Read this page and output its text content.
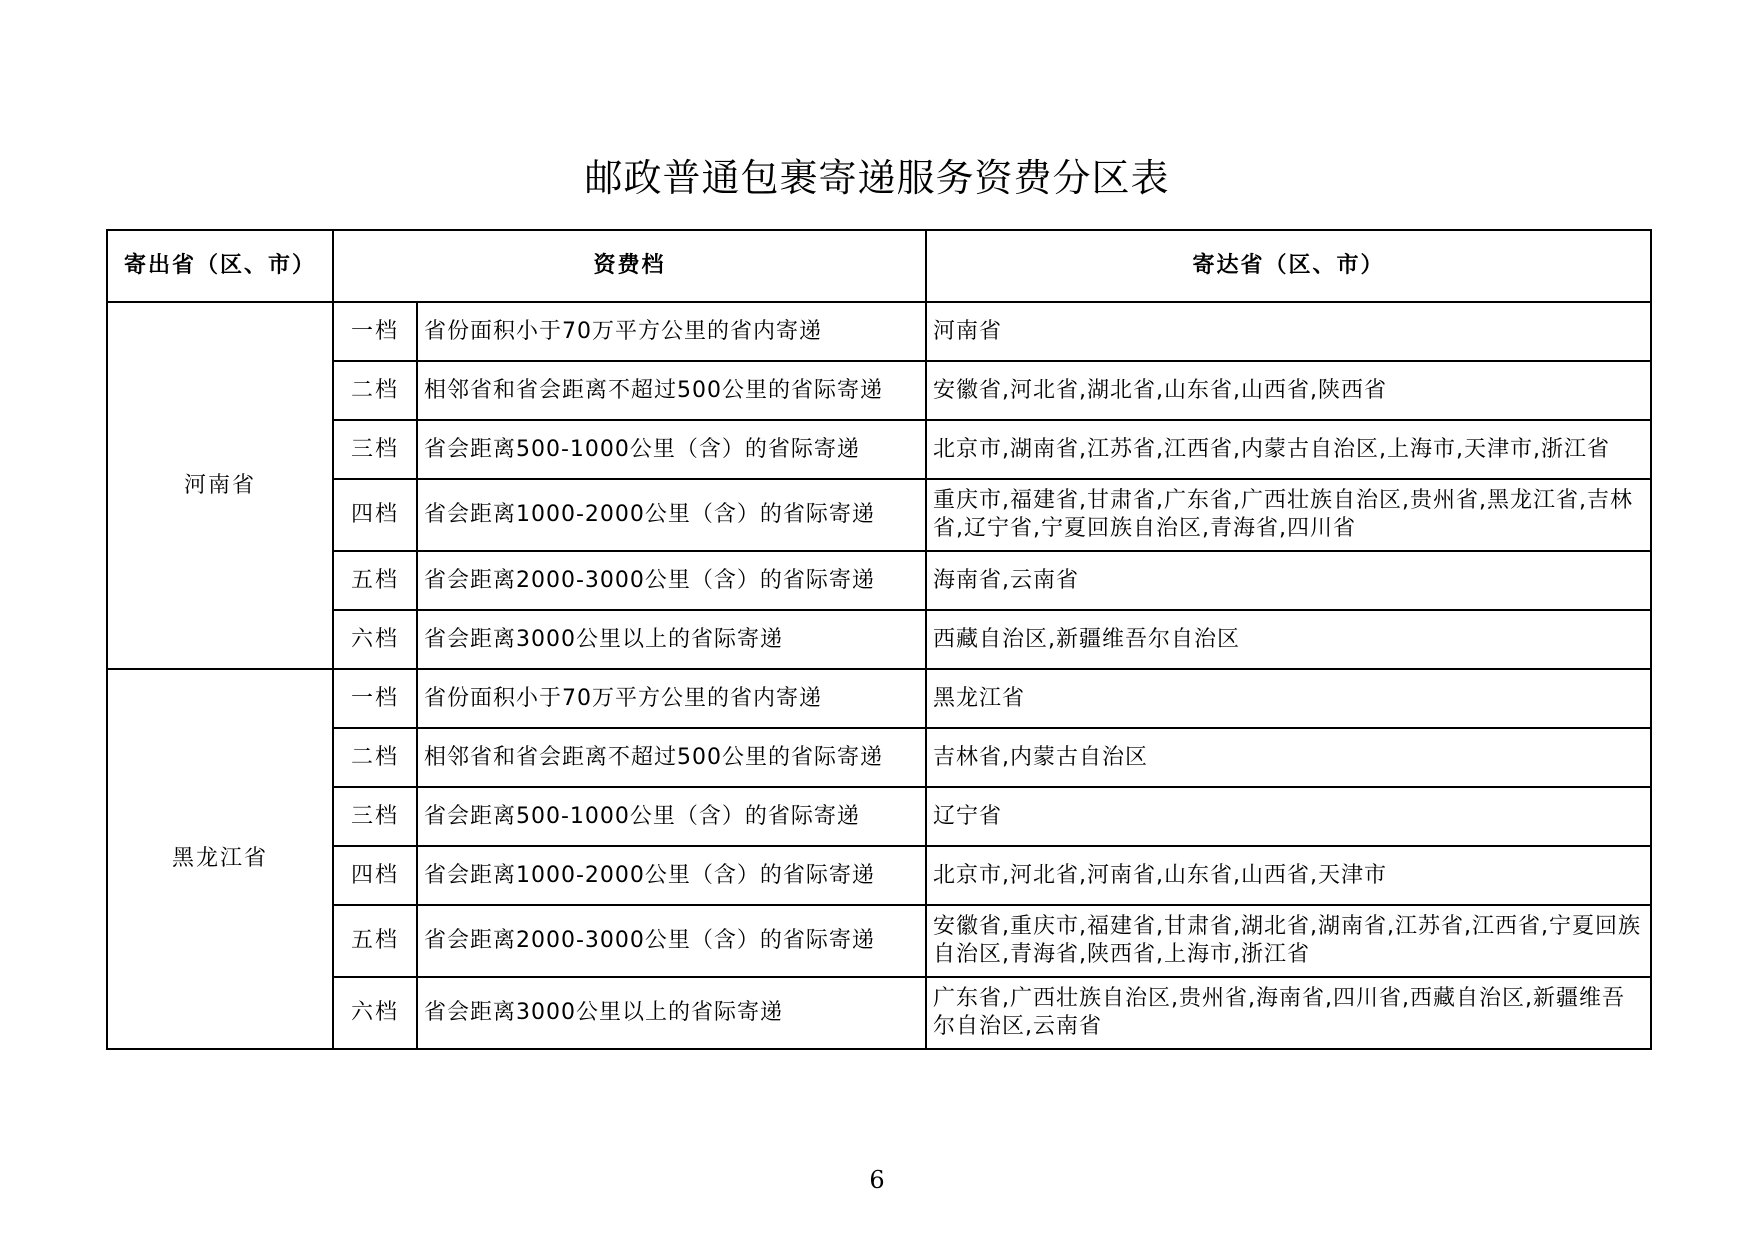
邮政普通包裹寄递服务资费分区表
寄出省（区、市）	资费档		寄达省（区、市）
河南省	一档	省份面积小于70万平方公里的省内寄递	河南省
	二档	相邻省和省会距离不超过500公里的省际寄递	安徽省,河北省,湖北省,山东省,山西省,陕西省
	三档	省会距离500-1000公里（含）的省际寄递	北京市,湖南省,江苏省,江西省,内蒙古自治区,上海市,天津市,浙江省
	四档	省会距离1000-2000公里（含）的省际寄递	重庆市,福建省,甘肃省,广东省,广西壮族自治区,贵州省,黑龙江省,吉林省,辽宁省,宁夏回族自治区,青海省,四川省
	五档	省会距离2000-3000公里（含）的省际寄递	海南省,云南省
	六档	省会距离3000公里以上的省际寄递	西藏自治区,新疆维吾尔自治区
黑龙江省	一档	省份面积小于70万平方公里的省内寄递	黑龙江省
	二档	相邻省和省会距离不超过500公里的省际寄递	吉林省,内蒙古自治区
	三档	省会距离500-1000公里（含）的省际寄递	辽宁省
	四档	省会距离1000-2000公里（含）的省际寄递	北京市,河北省,河南省,山东省,山西省,天津市
	五档	省会距离2000-3000公里（含）的省际寄递	安徽省,重庆市,福建省,甘肃省,湖北省,湖南省,江苏省,江西省,宁夏回族自治区,青海省,陕西省,上海市,浙江省
	六档	省会距离3000公里以上的省际寄递	广东省,广西壮族自治区,贵州省,海南省,四川省,西藏自治区,新疆维吾尔自治区,云南省
6
